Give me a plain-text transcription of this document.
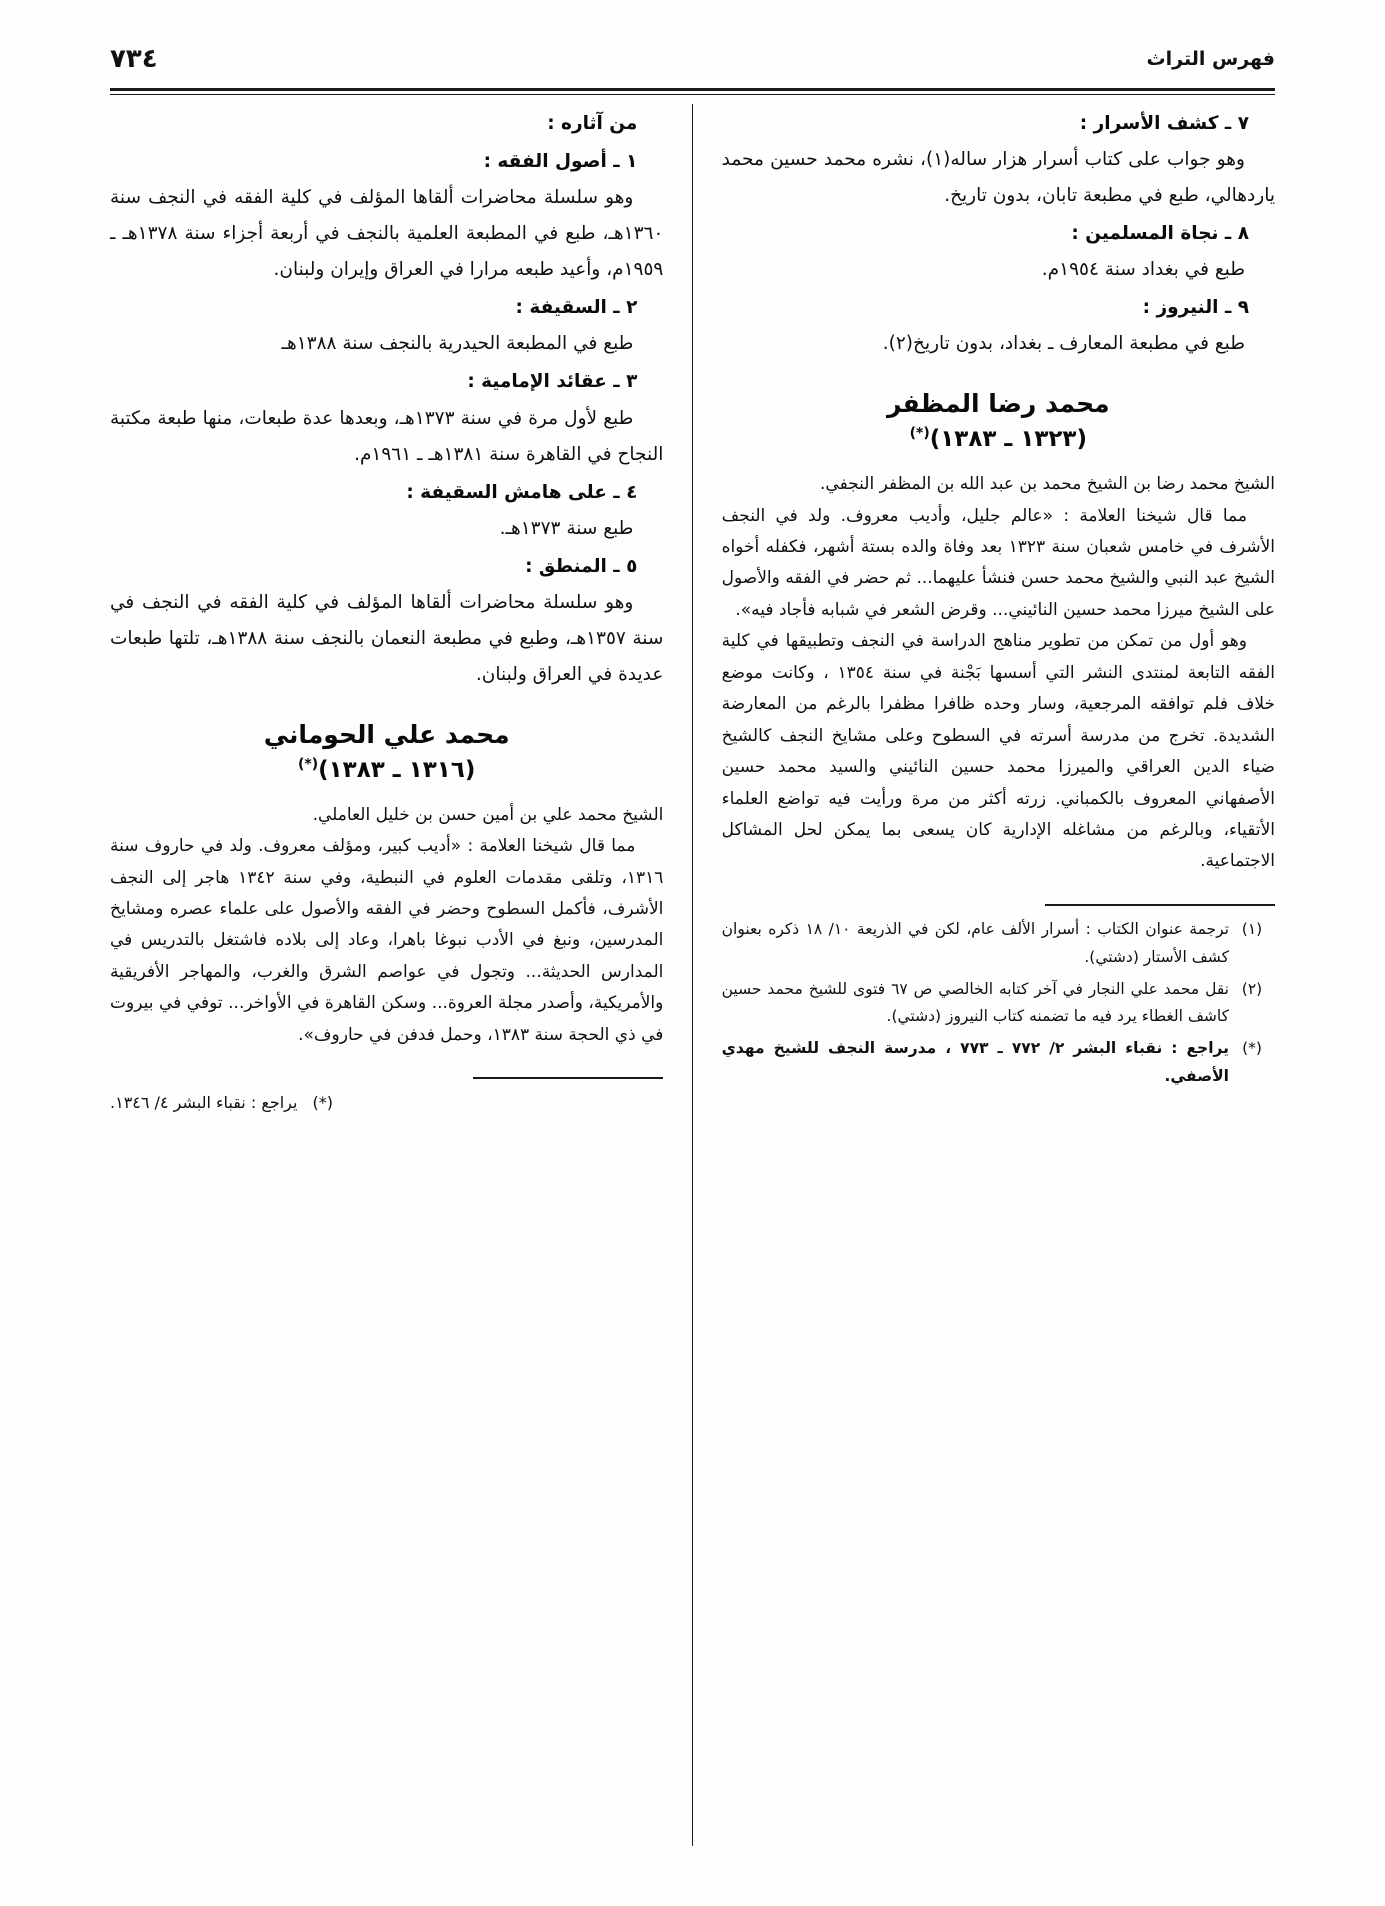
فهرس التراث
٧٣٤
٧ ـ كشف الأسرار :
وهو جواب على كتاب أسرار هزار ساله(١)، نشره محمد حسين محمد ياردهالي، طبع في مطبعة تابان، بدون تاريخ.
٨ ـ نجاة المسلمين :
طبع في بغداد سنة ١٩٥٤م.
٩ ـ النيروز :
طبع في مطبعة المعارف ـ بغداد، بدون تاريخ(٢).
محمد رضا المظفر
(١٣٢٣ ـ ١٣٨٣)(*)
الشيخ محمد رضا بن الشيخ محمد بن عبد الله بن المظفر النجفي.
مما قال شيخنا العلامة : «عالم جليل، وأديب معروف. ولد في النجف الأشرف في خامس شعبان سنة ١٣٢٣ بعد وفاة والده بستة أشهر، فكفله أخواه الشيخ عبد النبي والشيخ محمد حسن فنشأ عليهما... ثم حضر في الفقه والأصول على الشيخ ميرزا محمد حسين النائيني... وقرض الشعر في شبابه فأجاد فيه».
وهو أول من تمكن من تطوير مناهج الدراسة في النجف وتطبيقها في كلية الفقه التابعة لمنتدى النشر التي أسسها بَجْنة في سنة ١٣٥٤ ، وكانت موضع خلاف فلم توافقه المرجعية، وسار وحده ظافرا مظفرا بالرغم من المعارضة الشديدة. تخرج من مدرسة أسرته في السطوح وعلى مشايخ النجف كالشيخ ضياء الدين العراقي والميرزا محمد حسين النائيني والسيد محمد حسين الأصفهاني المعروف بالكمباني. زرته أكثر من مرة ورأيت فيه تواضع العلماء الأتقياء، وبالرغم من مشاغله الإدارية كان يسعى بما يمكن لحل المشاكل الاجتماعية.
(١)
ترجمة عنوان الكتاب : أسرار الألف عام، لكن في الذريعة ١٠/ ١٨ ذكره بعنوان كشف الأستار (دشتي).
(٢)
نقل محمد علي النجار في آخر كتابه الخالصي ص ٦٧ فتوى للشيخ محمد حسين كاشف الغطاء يرد فيه ما تضمنه كتاب النيروز (دشتي).
(*)
يراجع : نقباء البشر ٢/ ٧٧٢ ـ ٧٧٣ ، مدرسة النجف للشيخ مهدي الأصفي.
من آثاره :
١ ـ أصول الفقه :
وهو سلسلة محاضرات ألقاها المؤلف في كلية الفقه في النجف سنة ١٣٦٠هـ، طبع في المطبعة العلمية بالنجف في أربعة أجزاء سنة ١٣٧٨هـ ـ ١٩٥٩م، وأعيد طبعه مرارا في العراق وإيران ولبنان.
٢ ـ السقيفة :
طبع في المطبعة الحيدرية بالنجف سنة ١٣٨٨هـ
٣ ـ عقائد الإمامية :
طبع لأول مرة في سنة ١٣٧٣هـ، وبعدها عدة طبعات، منها طبعة مكتبة النجاح في القاهرة سنة ١٣٨١هـ ـ ١٩٦١م.
٤ ـ على هامش السقيفة :
طبع سنة ١٣٧٣هـ.
٥ ـ المنطق :
وهو سلسلة محاضرات ألقاها المؤلف في كلية الفقه في النجف في سنة ١٣٥٧هـ، وطبع في مطبعة النعمان بالنجف سنة ١٣٨٨هـ، تلتها طبعات عديدة في العراق ولبنان.
محمد علي الحوماني
(١٣١٦ ـ ١٣٨٣)(*)
الشيخ محمد علي بن أمين حسن بن خليل العاملي.
مما قال شيخنا العلامة : «أديب كبير، ومؤلف معروف. ولد في حاروف سنة ١٣١٦، وتلقى مقدمات العلوم في النبطية، وفي سنة ١٣٤٢ هاجر إلى النجف الأشرف، فأكمل السطوح وحضر في الفقه والأصول على علماء عصره ومشايخ المدرسين، ونبغ في الأدب نبوغا باهرا، وعاد إلى بلاده فاشتغل بالتدريس في المدارس الحديثة... وتجول في عواصم الشرق والغرب، والمهاجر الأفريقية والأمريكية، وأصدر مجلة العروة... وسكن القاهرة في الأواخر... توفي في بيروت في ذي الحجة سنة ١٣٨٣، وحمل فدفن في حاروف».
(*) يراجع : نقباء البشر ٤/ ١٣٤٦.
